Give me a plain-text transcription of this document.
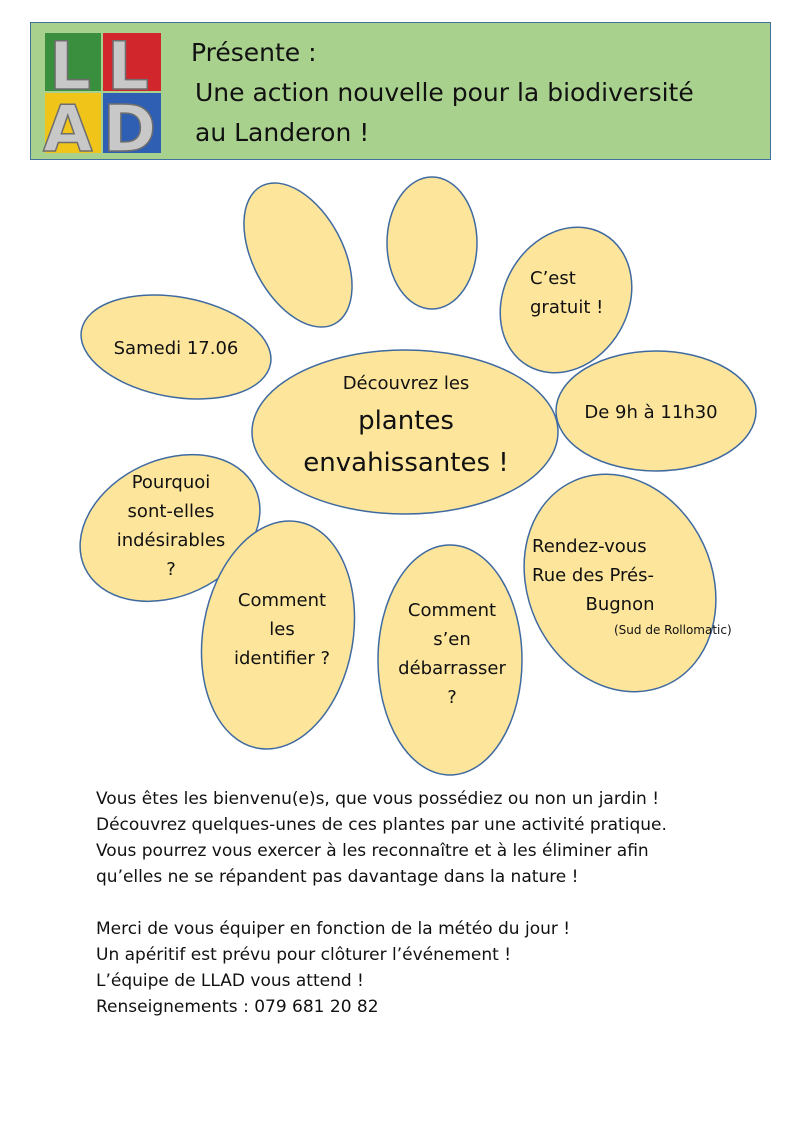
L L
A D
Présente :
Une action nouvelle pour la biodiversité
au Landeron !
Découvrez les
plantes
envahissantes !
Samedi 17.06
C’est
gratuit !
De 9h à 11h30
Pourquoi
sont-elles
indésirables
?
Comment
les
identifier ?
Comment
s’en
débarrasser
?
Rendez-vous
Rue des Prés-
Bugnon
(Sud de Rollomatic)
Vous êtes les bienvenu(e)s, que vous possédiez ou non un jardin !
Découvrez quelques-unes de ces plantes par une activité pratique.
Vous pourrez vous exercer à les reconnaître et à les éliminer afin
qu’elles ne se répandent pas davantage dans la nature !
Merci de vous équiper en fonction de la météo du jour !
Un apéritif est prévu pour clôturer l’événement !
L’équipe de LLAD vous attend !
Renseignements : 079 681 20 82
